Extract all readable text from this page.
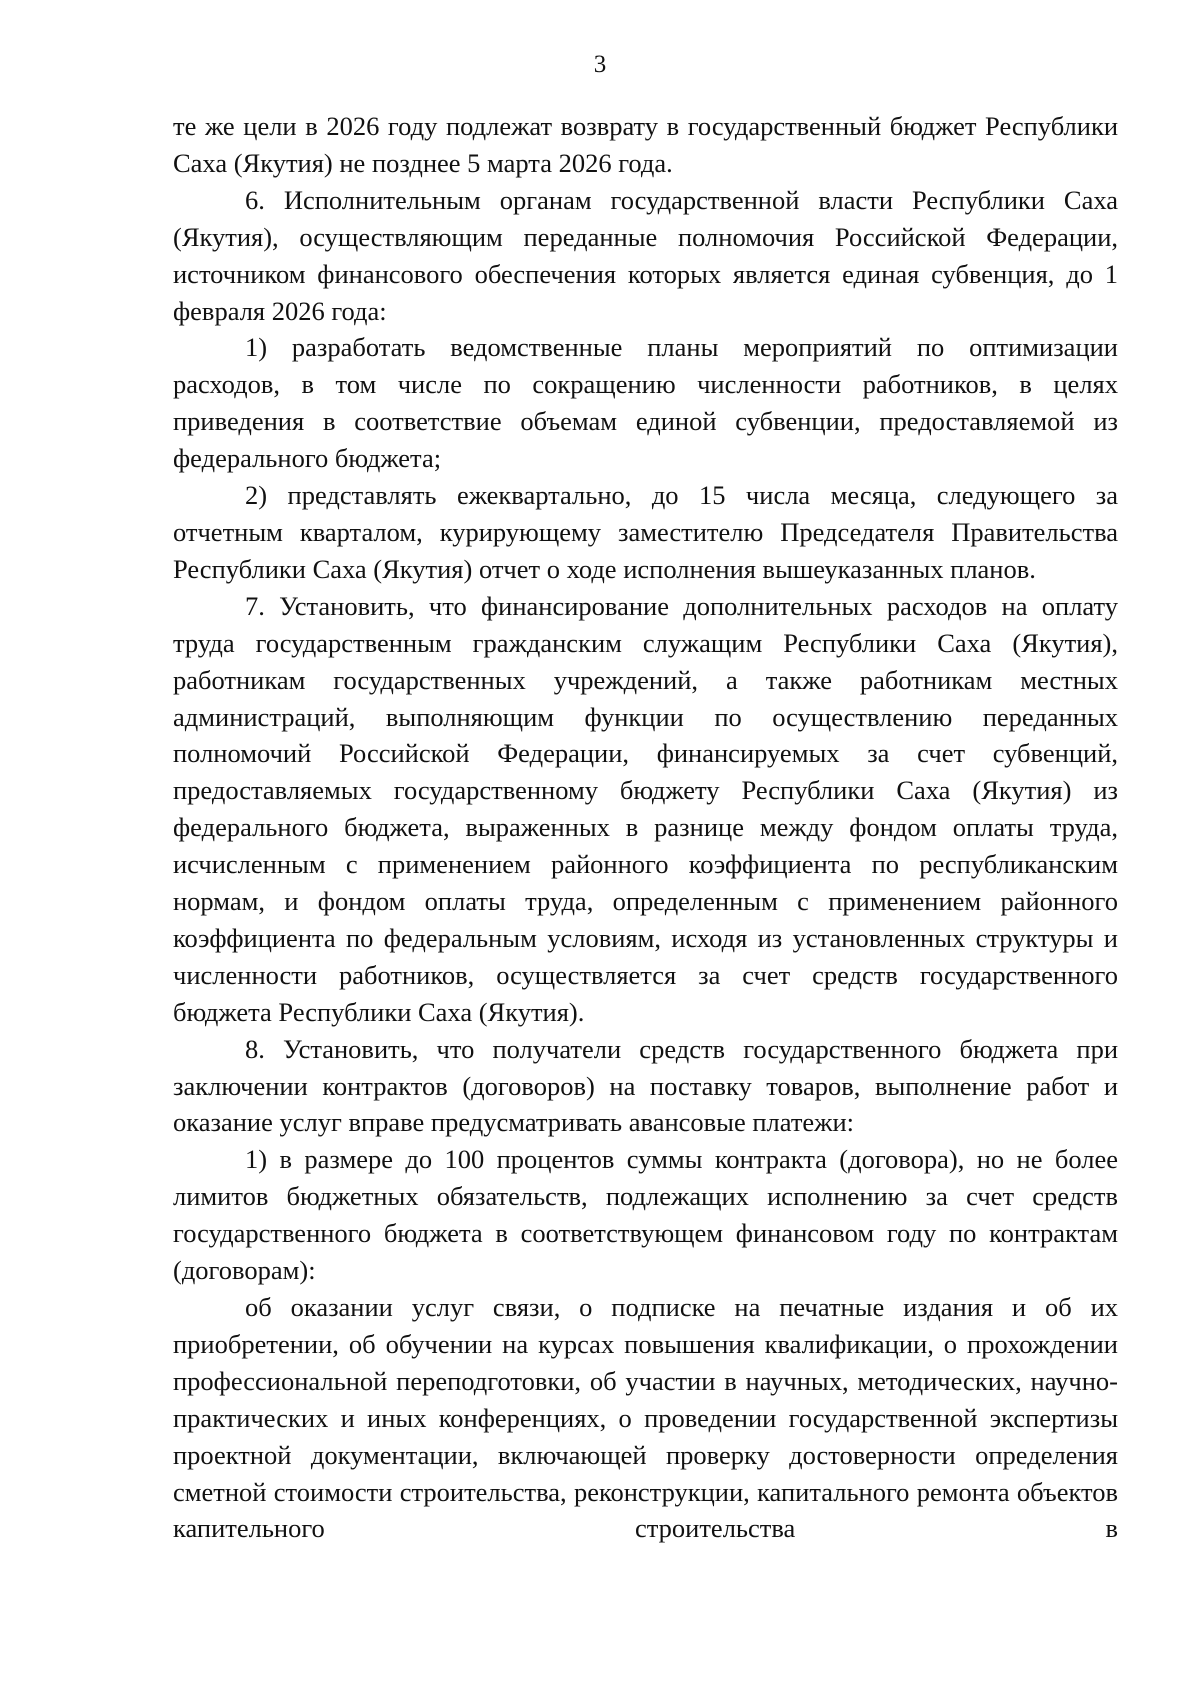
3

те же цели в 2026 году подлежат возврату в государственный бюджет Республики Саха (Якутия) не позднее 5 марта 2026 года.

6. Исполнительным органам государственной власти Республики Саха (Якутия), осуществляющим переданные полномочия Российской Федерации, источником финансового обеспечения которых является единая субвенция, до 1 февраля 2026 года:

1) разработать ведомственные планы мероприятий по оптимизации расходов, в том числе по сокращению численности работников, в целях приведения в соответствие объемам единой субвенции, предоставляемой из федерального бюджета;

2) представлять ежеквартально, до 15 числа месяца, следующего за отчетным кварталом, курирующему заместителю Председателя Правительства Республики Саха (Якутия) отчет о ходе исполнения вышеуказанных планов.

7. Установить, что финансирование дополнительных расходов на оплату труда государственным гражданским служащим Республики Саха (Якутия), работникам государственных учреждений, а также работникам местных администраций, выполняющим функции по осуществлению переданных полномочий Российской Федерации, финансируемых за счет субвенций, предоставляемых государственному бюджету Республики Саха (Якутия) из федерального бюджета, выраженных в разнице между фондом оплаты труда, исчисленным с применением районного коэффициента по республиканским нормам, и фондом оплаты труда, определенным с применением районного коэффициента по федеральным условиям, исходя из установленных структуры и численности работников, осуществляется за счет средств государственного бюджета Республики Саха (Якутия).

8. Установить, что получатели средств государственного бюджета при заключении контрактов (договоров) на поставку товаров, выполнение работ и оказание услуг вправе предусматривать авансовые платежи:

1) в размере до 100 процентов суммы контракта (договора), но не более лимитов бюджетных обязательств, подлежащих исполнению за счет средств государственного бюджета в соответствующем финансовом году по контрактам (договорам):

об оказании услуг связи, о подписке на печатные издания и об их приобретении, об обучении на курсах повышения квалификации, о прохождении профессиональной переподготовки, об участии в научных, методических, научно-практических и иных конференциях, о проведении государственной экспертизы проектной документации, включающей проверку достоверности определения сметной стоимости строительства, реконструкции, капитального ремонта объектов капительного строительства в
